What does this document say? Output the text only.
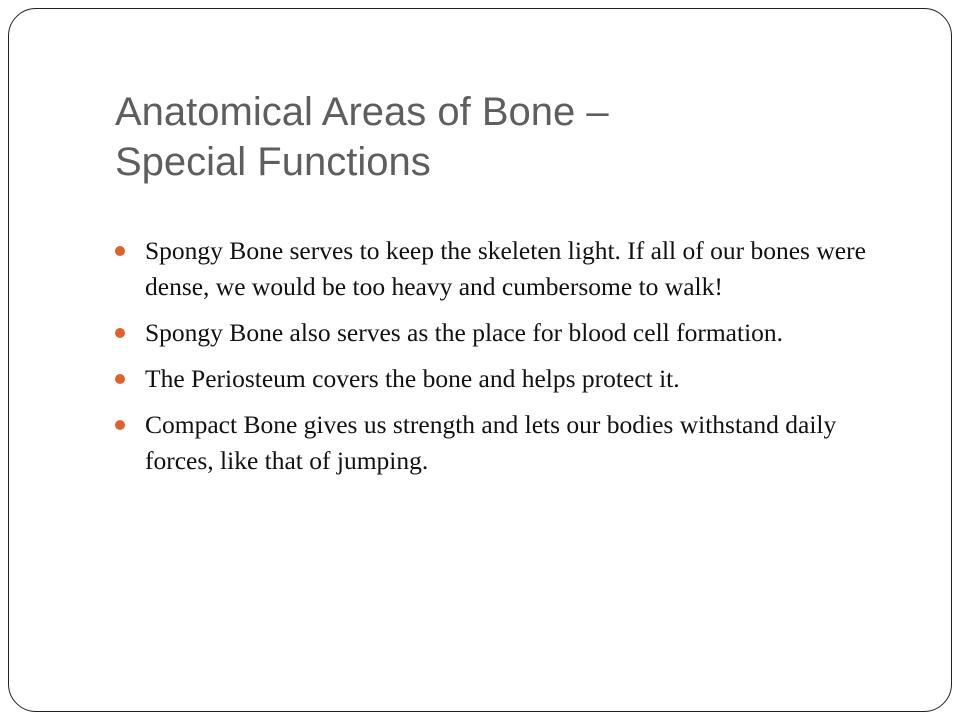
Anatomical Areas of Bone –
Special Functions
Spongy Bone serves to keep the skeleten light. If all of our bones were dense, we would be too heavy and cumbersome to walk!
Spongy Bone also serves as the place for blood cell formation.
The Periosteum covers the bone and helps protect it.
Compact Bone gives us strength and lets our bodies withstand daily forces, like that of jumping.
